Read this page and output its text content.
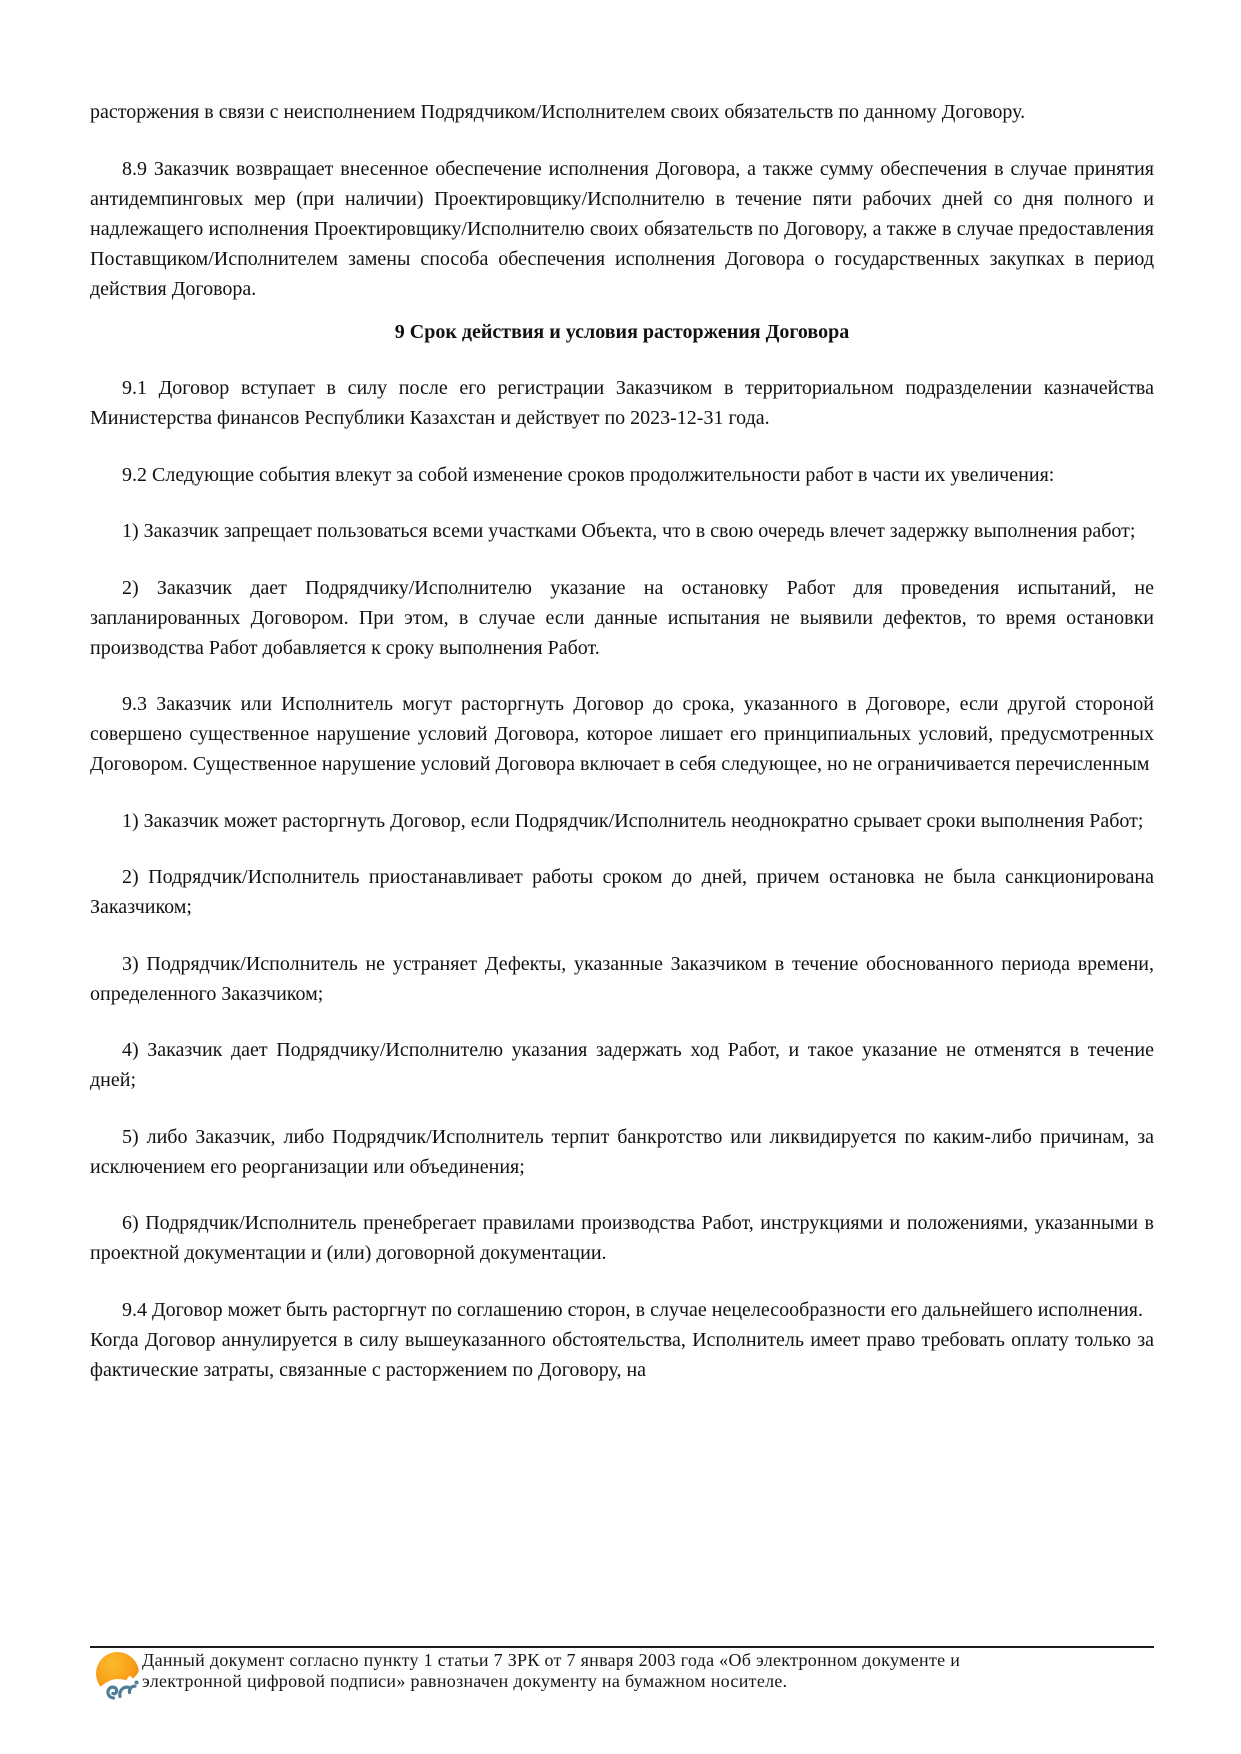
расторжения в связи с неисполнением Подрядчиком/Исполнителем своих обязательств по данному Договору.

8.9 Заказчик возвращает внесенное обеспечение исполнения Договора, а также сумму обеспечения в случае принятия антидемпинговых мер (при наличии) Проектировщику/Исполнителю в течение пяти рабочих дней со дня полного и надлежащего исполнения Проектировщику/Исполнителю своих обязательств по Договору, а также в случае предоставления Поставщиком/Исполнителем замены способа обеспечения исполнения Договора о государственных закупках в период действия Договора.

9 Срок действия и условия расторжения Договора

9.1 Договор вступает в силу после его регистрации Заказчиком в территориальном подразделении казначейства Министерства финансов Республики Казахстан и действует по 2023-12-31 года.

9.2 Следующие события влекут за собой изменение сроков продолжительности работ в части их увеличения:

1) Заказчик запрещает пользоваться всеми участками Объекта, что в свою очередь влечет задержку выполнения работ;

2) Заказчик дает Подрядчику/Исполнителю указание на остановку Работ для проведения испытаний, не запланированных Договором. При этом, в случае если данные испытания не выявили дефектов, то время остановки производства Работ добавляется к сроку выполнения Работ.

9.3 Заказчик или Исполнитель могут расторгнуть Договор до срока, указанного в Договоре, если другой стороной совершено существенное нарушение условий Договора, которое лишает его принципиальных условий, предусмотренных Договором. Существенное нарушение условий Договора включает в себя следующее, но не ограничивается перечисленным

1) Заказчик может расторгнуть Договор, если Подрядчик/Исполнитель неоднократно срывает сроки выполнения Работ;

2) Подрядчик/Исполнитель приостанавливает работы сроком до дней, причем остановка не была санкционирована Заказчиком;

3) Подрядчик/Исполнитель не устраняет Дефекты, указанные Заказчиком в течение обоснованного периода времени, определенного Заказчиком;

4) Заказчик дает Подрядчику/Исполнителю указания задержать ход Работ, и такое указание не отменятся в течение дней;

5) либо Заказчик, либо Подрядчик/Исполнитель терпит банкротство или ликвидируется по каким-либо причинам, за исключением его реорганизации или объединения;

6) Подрядчик/Исполнитель пренебрегает правилами производства Работ, инструкциями и положениями, указанными в проектной документации и (или) договорной документации.

9.4 Договор может быть расторгнут по соглашению сторон, в случае нецелесообразности его дальнейшего исполнения.

Когда Договор аннулируется в силу вышеуказанного обстоятельства, Исполнитель имеет право требовать оплату только за фактические затраты, связанные с расторжением по Договору, на

Данный документ согласно пункту 1 статьи 7 ЗРК от 7 января 2003 года «Об электронном документе и
электронной цифровой подписи» равнозначен документу на бумажном носителе.
